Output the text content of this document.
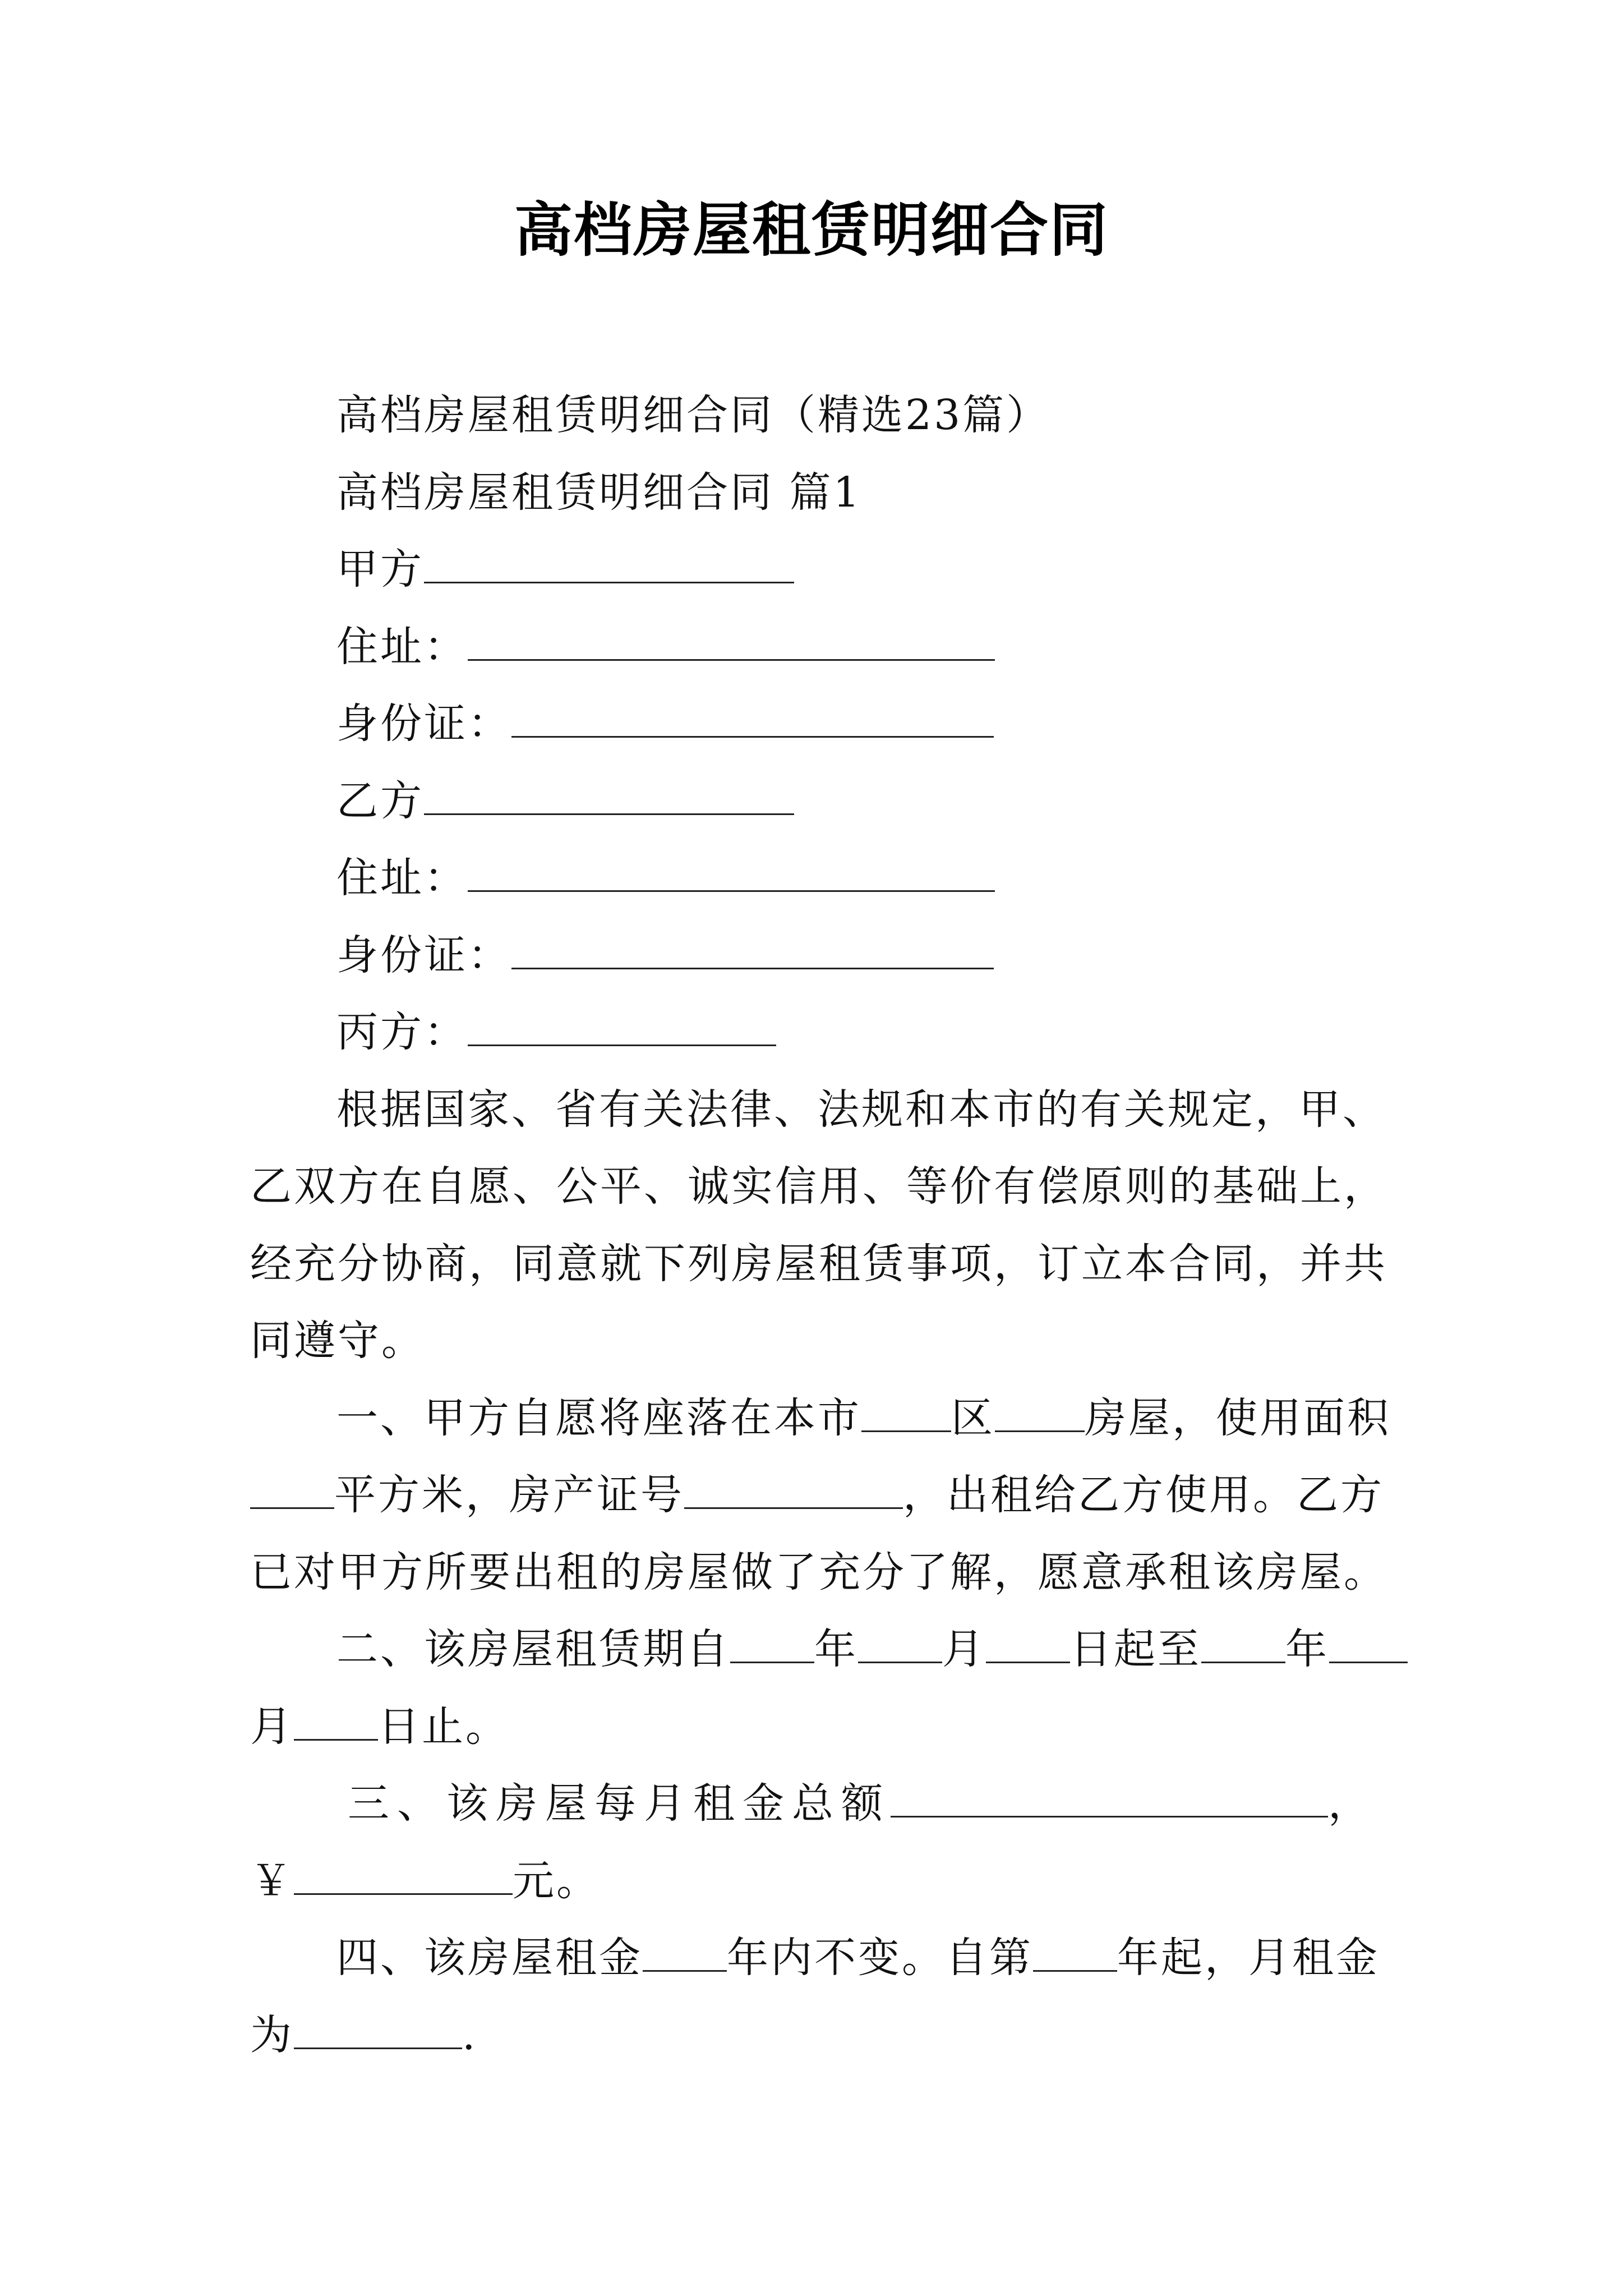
高档房屋租赁明细合同
高档房屋租赁明细合同（精选23篇）
高档房屋租赁明细合同 篇1
甲方
住址：
身份证：
乙方
住址：
身份证：
丙方：
根据国家、省有关法律、法规和本市的有关规定，甲、
乙双方在自愿、公平、诚实信用、等价有偿原则的基础上，
经充分协商，同意就下列房屋租赁事项，订立本合同，并共
同遵守。
一、甲方自愿将座落在本市 区 房屋，使用面积
平方米，房产证号	，出租给乙方使用。乙方
已对甲方所要出租的房屋做了充分了解，愿意承租该房屋。
二、该房屋租赁期自 年 月 日起至 年
月 日止。
三、该房屋每月租金总额	，
￥	元。
四、该房屋租金 年内不变。自第 年起，月租金
为	.
